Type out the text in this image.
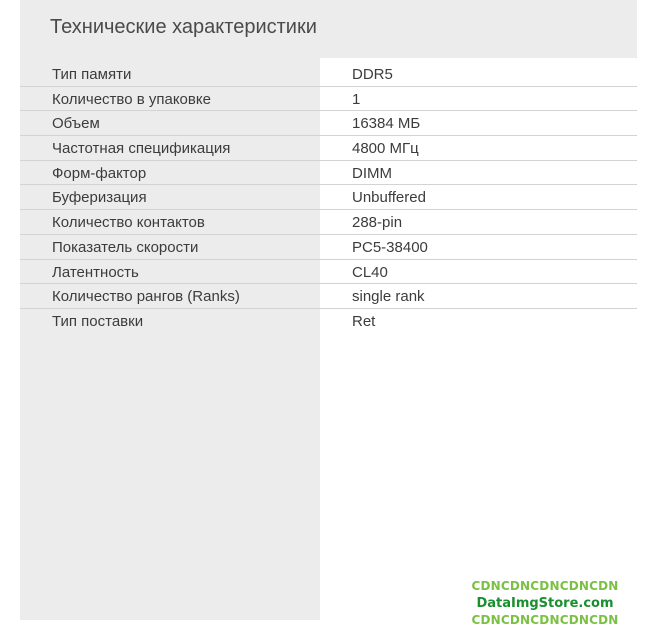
Технические характеристики
Тип памяти	DDR5
Количество в упаковке	1
Объем	16384 МБ
Частотная спецификация	4800 МГц
Форм-фактор	DIMM
Буферизация	Unbuffered
Количество контактов	288-pin
Показатель скорости	PC5-38400
Латентность	CL40
Количество рангов (Ranks)	single rank
Тип поставки	Ret
CDNCDNCDNCDNCDN
DataImgStore.com
CDNCDNCDNCDNCDN
